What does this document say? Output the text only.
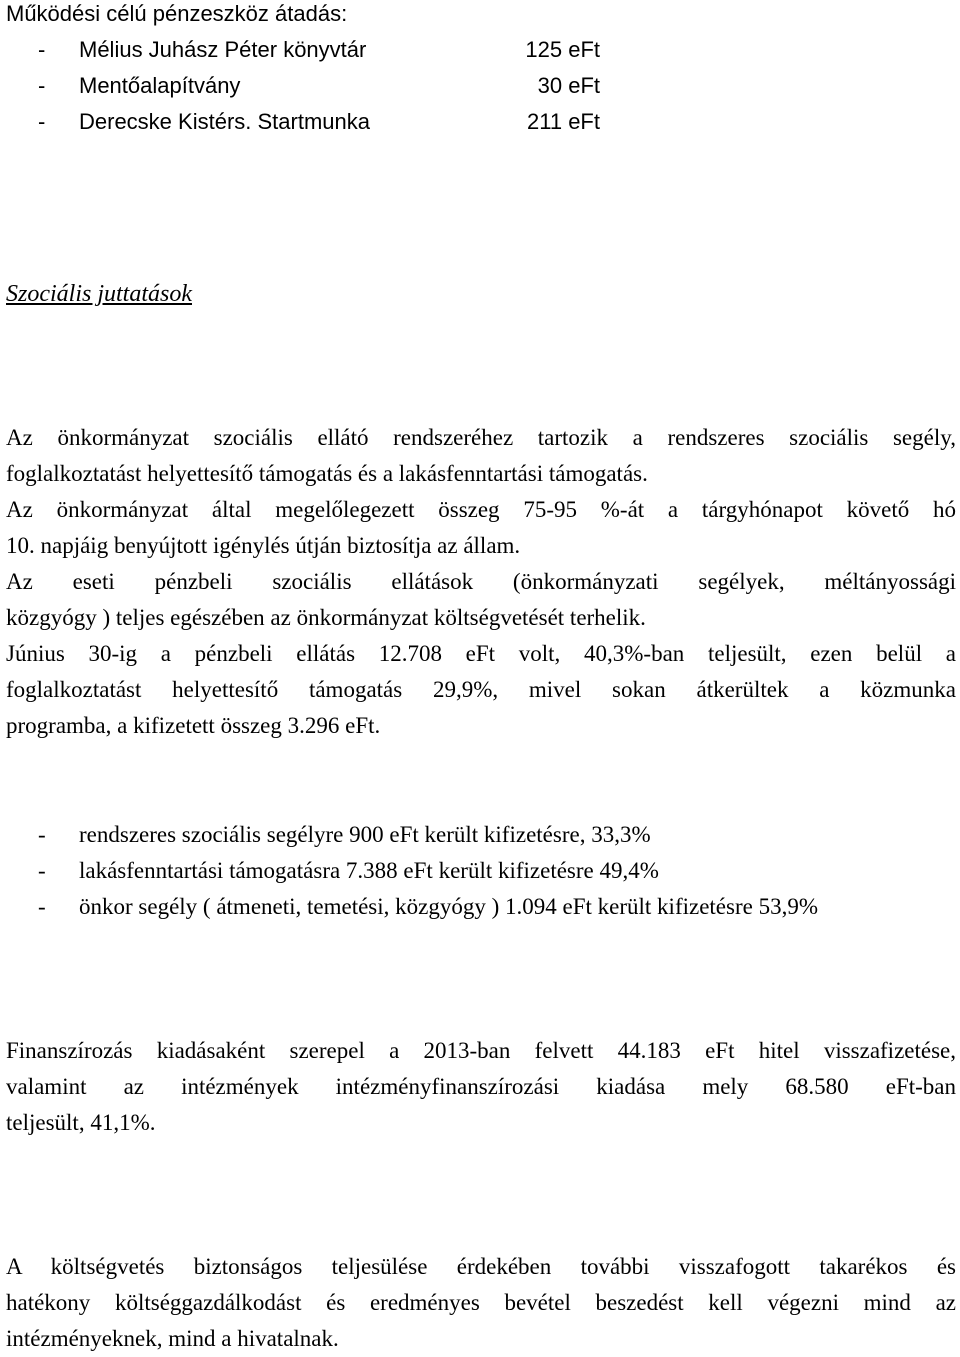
Működési célú pénzeszköz átadás:
- Mélius Juhász Péter könyvtár	125 eFt
- Mentőalapítvány	30 eFt
- Derecske Kistérs. Startmunka	211 eFt
Szociális juttatások
Az önkormányzat szociális ellátó rendszeréhez tartozik a rendszeres szociális segély,
foglalkoztatást helyettesítő támogatás és a lakásfenntartási támogatás.
Az önkormányzat által megelőlegezett összeg 75-95 %-át a tárgyhónapot követő hó
10. napjáig benyújtott igénylés útján biztosítja az állam.
Az eseti pénzbeli szociális ellátások (önkormányzati segélyek, méltányossági
közgyógy ) teljes egészében az önkormányzat költségvetését terhelik.
Június 30-ig a pénzbeli ellátás 12.708 eFt volt, 40,3%-ban teljesült, ezen belül a
foglalkoztatást helyettesítő támogatás 29,9%, mivel sokan átkerültek a közmunka
programba, a kifizetett összeg 3.296 eFt.
- rendszeres szociális segélyre 900 eFt került kifizetésre, 33,3%
- lakásfenntartási támogatásra 7.388 eFt került kifizetésre 49,4%
- önkor segély ( átmeneti, temetési, közgyógy ) 1.094 eFt került kifizetésre 53,9%
Finanszírozás kiadásaként szerepel a 2013-ban felvett 44.183 eFt hitel visszafizetése,
valamint az intézmények intézményfinanszírozási kiadása mely 68.580 eFt-ban
teljesült, 41,1%.
A költségvetés biztonságos teljesülése érdekében további visszafogott takarékos és
hatékony költséggazdálkodást és eredményes bevétel beszedést kell végezni mind az
intézményeknek, mind a hivatalnak.
